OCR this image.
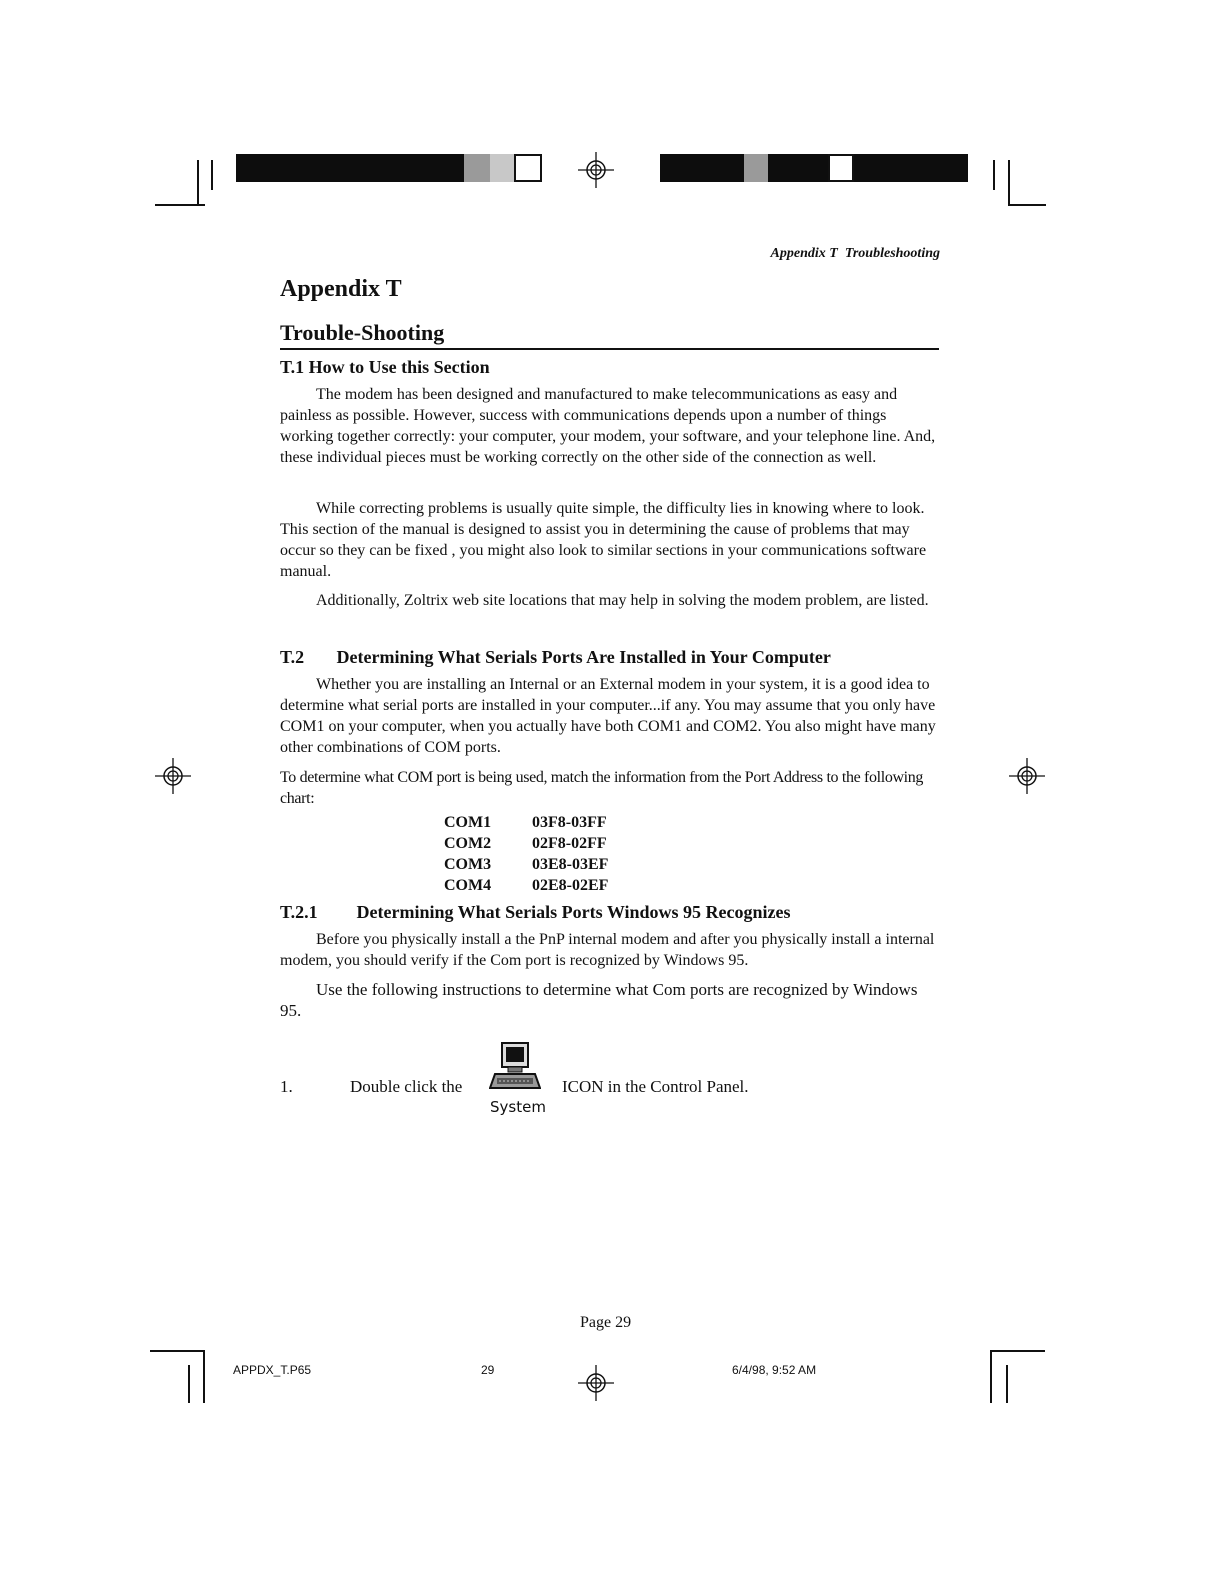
Appendix T  Troubleshooting
Appendix T
Trouble-Shooting
T.1 How to Use this Section
The modem has been designed and manufactured to make telecommunications as easy and painless as possible. However, success with communications depends upon a number of things working together correctly: your computer, your modem, your software, and your telephone line. And, these individual pieces must be working correctly on the other side of the connection as well.
While correcting problems is usually quite simple, the difficulty lies in knowing where to look. This section of the manual is designed to assist you in determining the cause of problems that may occur so they can be fixed , you might also look to similar sections in your communications software manual.
Additionally, Zoltrix web site locations that may help in solving the modem problem, are listed.
T.2 Determining What Serials Ports Are Installed in Your Computer
Whether you are installing an Internal or an External modem in your system, it is a good idea to determine what serial ports are installed in your computer...if any. You may assume that you only have COM1 on your computer, when you actually have both COM1 and COM2. You also might have many other combinations of COM ports.
To determine what COM port is being used, match the information from the Port Address to the following chart:
COM1	03F8-03FF
COM2	02F8-02FF
COM3	03E8-03EF
COM4	02E8-02EF
T.2.1 Determining What Serials Ports Windows 95 Recognizes
Before you physically install a the PnP internal modem and after you physically install a internal modem, you should verify if the Com port is recognized by Windows 95.
Use the following instructions to determine what Com ports are recognized by Windows 95.
1.	Double click the
System
ICON in the Control Panel.
Page 29
APPDX_T.P65	29	6/4/98, 9:52 AM
